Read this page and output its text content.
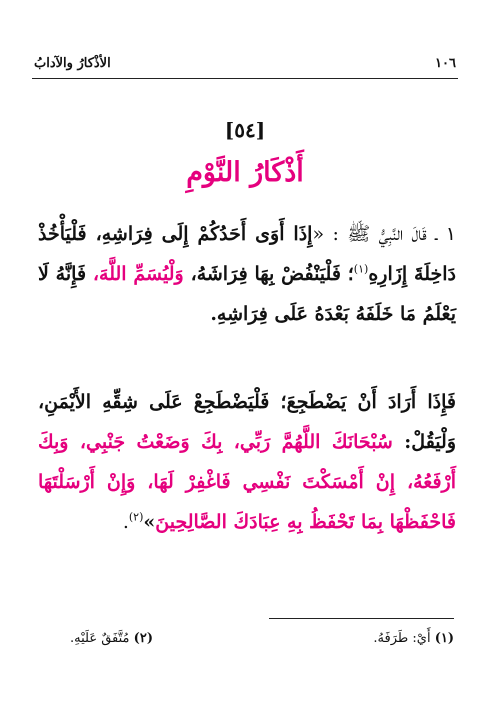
١٠٦
الأذْكارُ والآدابُ
[٥٤]
أَذْكَارُ النَّوْمِ
١ ـ قَالَ النَّبِيُّ ﷺ : «إِذَا أَوَى أَحَدُكُمْ إِلَى فِرَاشِهِ، فَلْيَأْخُذْ دَاخِلَةَ إِزَارِهِ$^{(١)}$؛ فَلْيَنْفُضْ بِهَا فِرَاشَهُ، وَلْيُسَمِّ اللَّهَ، فَإِنَّهُ لَا يَعْلَمُ مَا خَلَفَهُ بَعْدَهُ عَلَى فِرَاشِهِ.
فَإِذَا أَرَادَ أَنْ يَضْطَجِعَ؛ فَلْيَضْطَجِعْ عَلَى شِقِّهِ الأَيْمَنِ، وَلْيَقُلْ: سُبْحَانَكَ اللَّهُمَّ رَبِّي، بِكَ وَضَعْتُ جَنْبِي، وَبِكَ أَرْفَعُهُ، إِنْ أَمْسَكْتَ نَفْسِي فَاغْفِرْ لَهَا، وَإِنْ أَرْسَلْتَهَا فَاحْفَظْهَا بِمَا تَحْفَظُ بِهِ عِبَادَكَ الصَّالِحِينَ»$^{(٢)}$.
(١) أَيْ: طَرَفَهُ.
(٢) مُتَّفَقٌ عَلَيْهِ.
